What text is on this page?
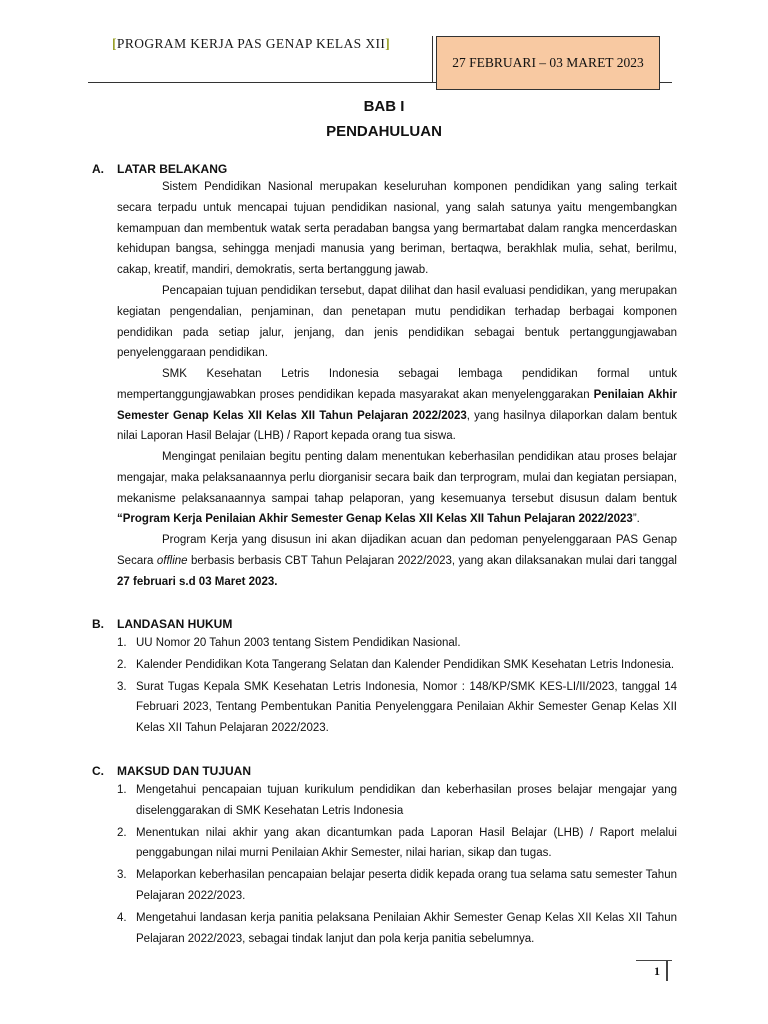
[PROGRAM KERJA PAS GENAP KELAS XII]
27 FEBRUARI – 03 MARET 2023
BAB I
PENDAHULUAN
A. LATAR BELAKANG

Sistem Pendidikan Nasional merupakan keseluruhan komponen pendidikan yang saling terkait secara terpadu untuk mencapai tujuan pendidikan nasional, yang salah satunya yaitu mengembangkan kemampuan dan membentuk watak serta peradaban bangsa yang bermartabat dalam rangka mencerdaskan kehidupan bangsa, sehingga menjadi manusia yang beriman, bertaqwa, berakhlak mulia, sehat, berilmu, cakap, kreatif, mandiri, demokratis, serta bertanggung jawab.

Pencapaian tujuan pendidikan tersebut, dapat dilihat dan hasil evaluasi pendidikan, yang merupakan kegiatan pengendalian, penjaminan, dan penetapan mutu pendidikan terhadap berbagai komponen pendidikan pada setiap jalur, jenjang, dan jenis pendidikan sebagai bentuk pertanggungjawaban penyelenggaraan pendidikan.

SMK Kesehatan Letris Indonesia sebagai lembaga pendidikan formal untuk mempertanggungjawabkan proses pendidikan kepada masyarakat akan menyelenggarakan Penilaian Akhir Semester Genap Kelas XII Kelas XII Tahun Pelajaran 2022/2023, yang hasilnya dilaporkan dalam bentuk nilai Laporan Hasil Belajar (LHB) / Raport kepada orang tua siswa.

Mengingat penilaian begitu penting dalam menentukan keberhasilan pendidikan atau proses belajar mengajar, maka pelaksanaannya perlu diorganisir secara baik dan terprogram, mulai dan kegiatan persiapan, mekanisme pelaksanaannya sampai tahap pelaporan, yang kesemuanya tersebut disusun dalam bentuk “Program Kerja Penilaian Akhir Semester Genap Kelas XII Kelas XII Tahun Pelajaran 2022/2023”.

Program Kerja yang disusun ini akan dijadikan acuan dan pedoman penyelenggaraan PAS Genap Secara offline berbasis berbasis CBT Tahun Pelajaran 2022/2023, yang akan dilaksanakan mulai dari tanggal 27 februari s.d 03 Maret 2023.

B. LANDASAN HUKUM
1. UU Nomor 20 Tahun 2003 tentang Sistem Pendidikan Nasional.
2. Kalender Pendidikan Kota Tangerang Selatan dan Kalender Pendidikan SMK Kesehatan Letris Indonesia.
3. Surat Tugas Kepala SMK Kesehatan Letris Indonesia, Nomor : 148/KP/SMK KES-LI/II/2023, tanggal 14 Februari 2023, Tentang Pembentukan Panitia Penyelenggara Penilaian Akhir Semester Genap Kelas XII Kelas XII Tahun Pelajaran 2022/2023.
C. MAKSUD DAN TUJUAN
1. Mengetahui pencapaian tujuan kurikulum pendidikan dan keberhasilan proses belajar mengajar yang diselenggarakan di SMK Kesehatan Letris Indonesia
2. Menentukan nilai akhir yang akan dicantumkan pada Laporan Hasil Belajar (LHB) / Raport melalui penggabungan nilai murni Penilaian Akhir Semester, nilai harian, sikap dan tugas.
3. Melaporkan keberhasilan pencapaian belajar peserta didik kepada orang tua selama satu semester Tahun Pelajaran 2022/2023.
4. Mengetahui landasan kerja panitia pelaksana Penilaian Akhir Semester Genap Kelas XII Kelas XII Tahun Pelajaran 2022/2023, sebagai tindak lanjut dan pola kerja panitia sebelumnya.
1
